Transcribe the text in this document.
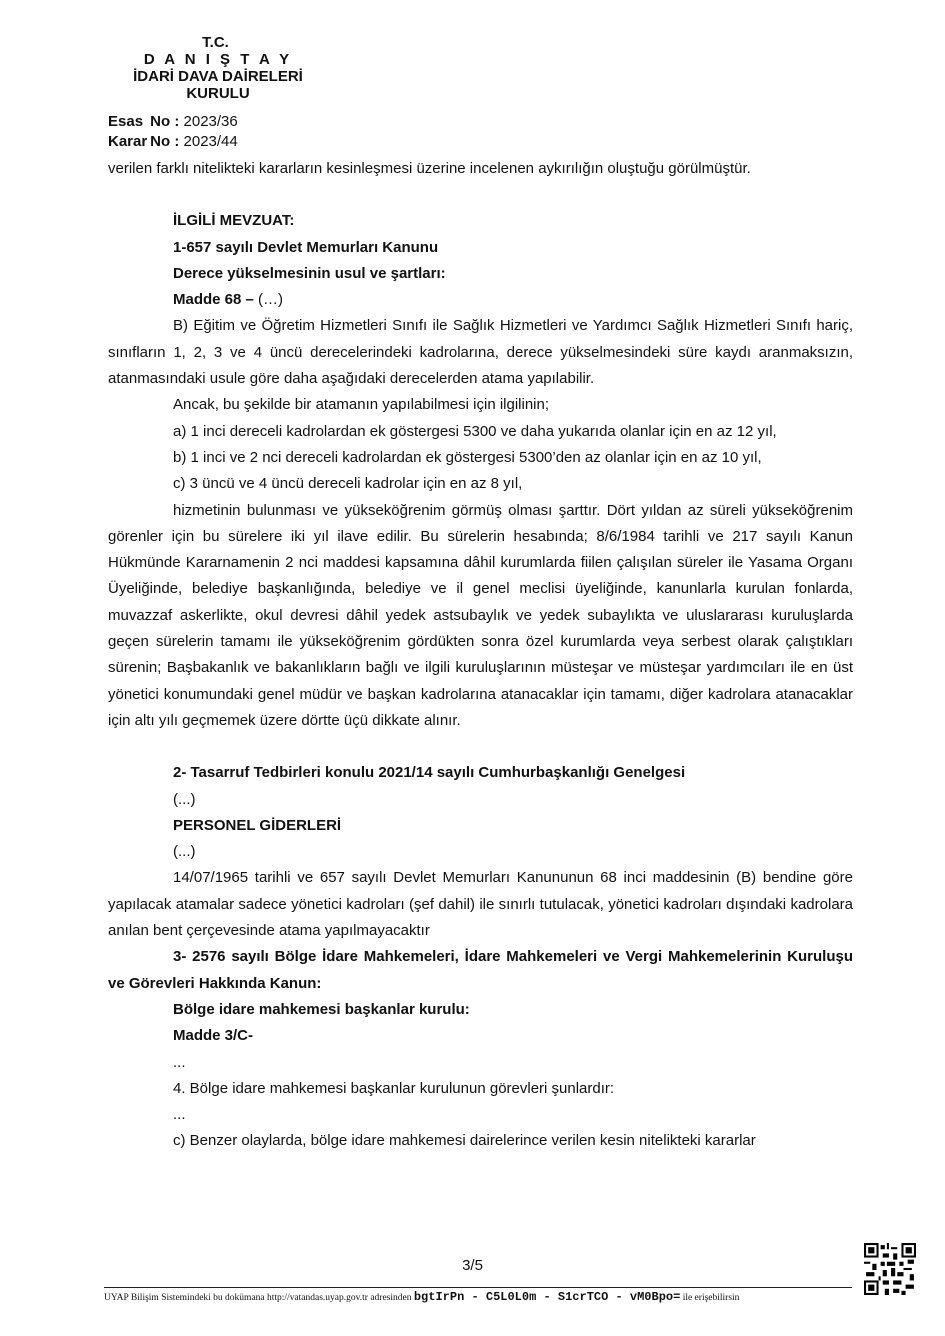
T.C.
D A N I Ş T A Y
İDARİ DAVA DAİRELERİ
KURULU
Esas No : 2023/36
Karar No : 2023/44

verilen farklı nitelikteki kararların kesinleşmesi üzerine incelenen aykırılığın oluştuğu görülmüştür.

İLGİLİ MEVZUAT:

1-657 sayılı Devlet Memurları Kanunu

Derece yükselmesinin usul ve şartları:

Madde 68 – (…)

B) Eğitim ve Öğretim Hizmetleri Sınıfı ile Sağlık Hizmetleri ve Yardımcı Sağlık Hizmetleri Sınıfı hariç, sınıfların 1, 2, 3 ve 4 üncü derecelerindeki kadrolarına, derece yükselmesindeki süre kaydı aranmaksızın, atanmasındaki usule göre daha aşağıdaki derecelerden atama yapılabilir.

Ancak, bu şekilde bir atamanın yapılabilmesi için ilgilinin;

a) 1 inci dereceli kadrolardan ek göstergesi 5300 ve daha yukarıda olanlar için en az 12 yıl,

b) 1 inci ve 2 nci dereceli kadrolardan ek göstergesi 5300’den az olanlar için en az 10 yıl,

c) 3 üncü ve 4 üncü dereceli kadrolar için en az 8 yıl,

hizmetinin bulunması ve yükseköğrenim görmüş olması şarttır. Dört yıldan az süreli yükseköğrenim görenler için bu sürelere iki yıl ilave edilir. Bu sürelerin hesabında; 8/6/1984 tarihli ve 217 sayılı Kanun Hükmünde Kararnamenin 2 nci maddesi kapsamına dâhil kurumlarda fiilen çalışılan süreler ile Yasama Organı Üyeliğinde, belediye başkanlığında, belediye ve il genel meclisi üyeliğinde, kanunlarla kurulan fonlarda, muvazzaf askerlikte, okul devresi dâhil yedek astsubaylık ve yedek subaylıkta ve uluslararası kuruluşlarda geçen sürelerin tamamı ile yükseköğrenim gördükten sonra özel kurumlarda veya serbest olarak çalıştıkları sürenin; Başbakanlık ve bakanlıkların bağlı ve ilgili kuruluşlarının müsteşar ve müsteşar yardımcıları ile en üst yönetici konumundaki genel müdür ve başkan kadrolarına atanacaklar için tamamı, diğer kadrolara atanacaklar için altı yılı geçmemek üzere dörtte üçü dikkate alınır.

2- Tasarruf Tedbirleri konulu 2021/14 sayılı Cumhurbaşkanlığı Genelgesi

(...)

PERSONEL GİDERLERİ

(...)

14/07/1965 tarihli ve 657 sayılı Devlet Memurları Kanununun 68 inci maddesinin (B) bendine göre yapılacak atamalar sadece yönetici kadroları (şef dahil) ile sınırlı tutulacak, yönetici kadroları dışındaki kadrolara anılan bent çerçevesinde atama yapılmayacaktır

3- 2576 sayılı Bölge İdare Mahkemeleri, İdare Mahkemeleri ve Vergi Mahkemelerinin Kuruluşu ve Görevleri Hakkında Kanun:

Bölge idare mahkemesi başkanlar kurulu:

Madde 3/C-

...

4. Bölge idare mahkemesi başkanlar kurulunun görevleri şunlardır:

...

c) Benzer olaylarda, bölge idare mahkemesi dairelerince verilen kesin nitelikteki kararlar

3/5
UYAP Bilişim Sistemindeki bu dokümana http://vatandas.uyap.gov.tr adresinden bgtIrPn - C5L0L0m - S1crTCO - vM0Bpo= ile erişebilirsin
